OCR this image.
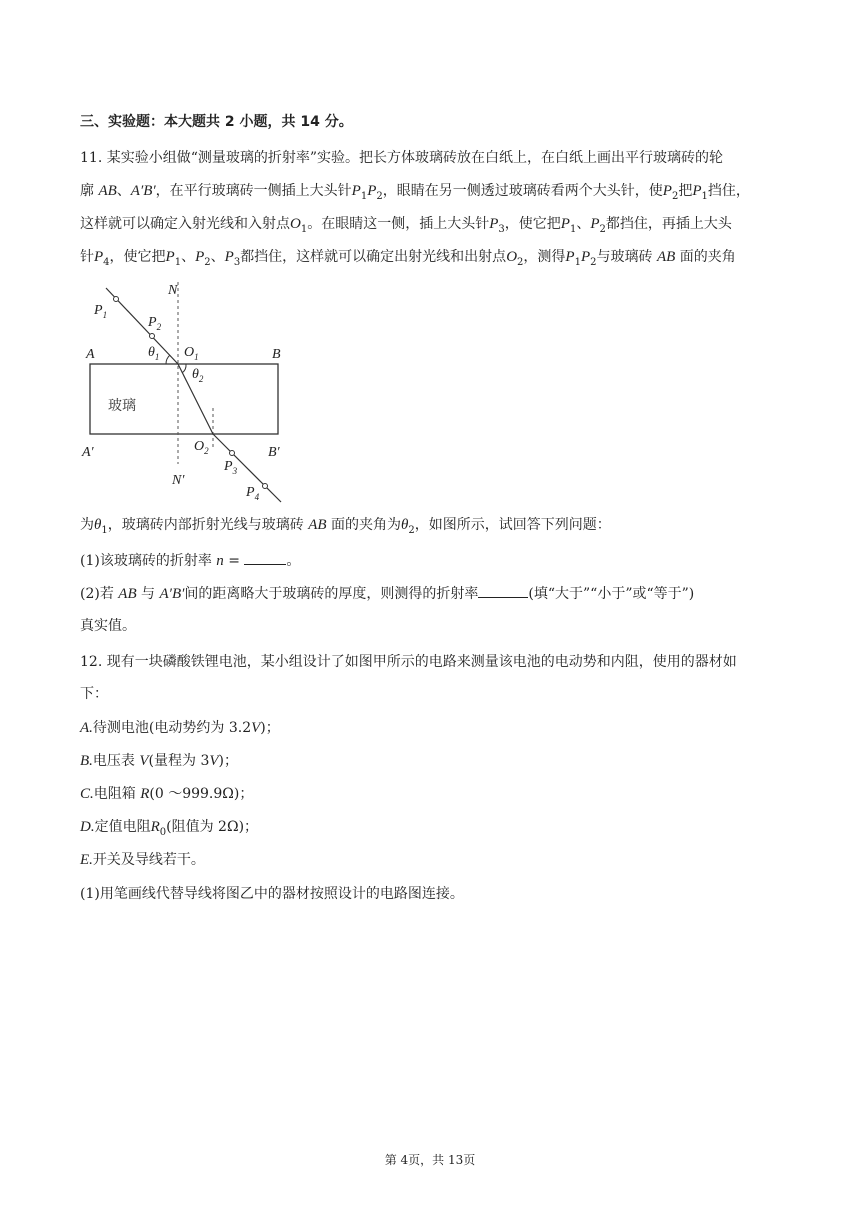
三、实验题：本大题共 2 小题，共 14 分。
11. 某实验小组做“测量玻璃的折射率”实验。把长方体玻璃砖放在白纸上，在白纸上画出平行玻璃砖的轮
廓 AB、A′B′，在平行玻璃砖一侧插上大头针$P_1P_2$，眼睛在另一侧透过玻璃砖看两个大头针，使$P_2$把$P_1$挡住，
这样就可以确定入射光线和入射点$O_1$。在眼睛这一侧，插上大头针$P_3$，使它把$P_1$、$P_2$都挡住，再插上大头
针$P_4$，使它把$P_1$、$P_2$、$P_3$都挡住，这样就可以确定出射光线和出射点$O_2$，测得$P_1P_2$与玻璃砖 AB 面的夹角
N
N′
A	B
A′	B′
$P_1$	$P_2$
$P_3$
$P_4$
$O_1$
$O_2$
$\theta_1$
$\theta_2$
玻璃
为$\theta_1$，玻璃砖内部折射光线与玻璃砖 AB 面的夹角为$\theta_2$，如图所示，试回答下列问题：
(1)该玻璃砖的折射率 n =	。
(2)若 AB 与 A′B′间的距离略大于玻璃砖的厚度，则测得的折射率	(填“大于”“小于”或“等于”)
真实值。
12. 现有一块磷酸铁锂电池，某小组设计了如图甲所示的电路来测量该电池的电动势和内阻，使用的器材如
下：
A.待测电池(电动势约为 3.2V)；
B.电压表 V(量程为 3V)；
C.电阻箱 R(0 ～999.9Ω)；
D.定值电阻$R_0$(阻值为 2Ω)；
E.开关及导线若干。
(1)用笔画线代替导线将图乙中的器材按照设计的电路图连接。
第 4页，共 13页
